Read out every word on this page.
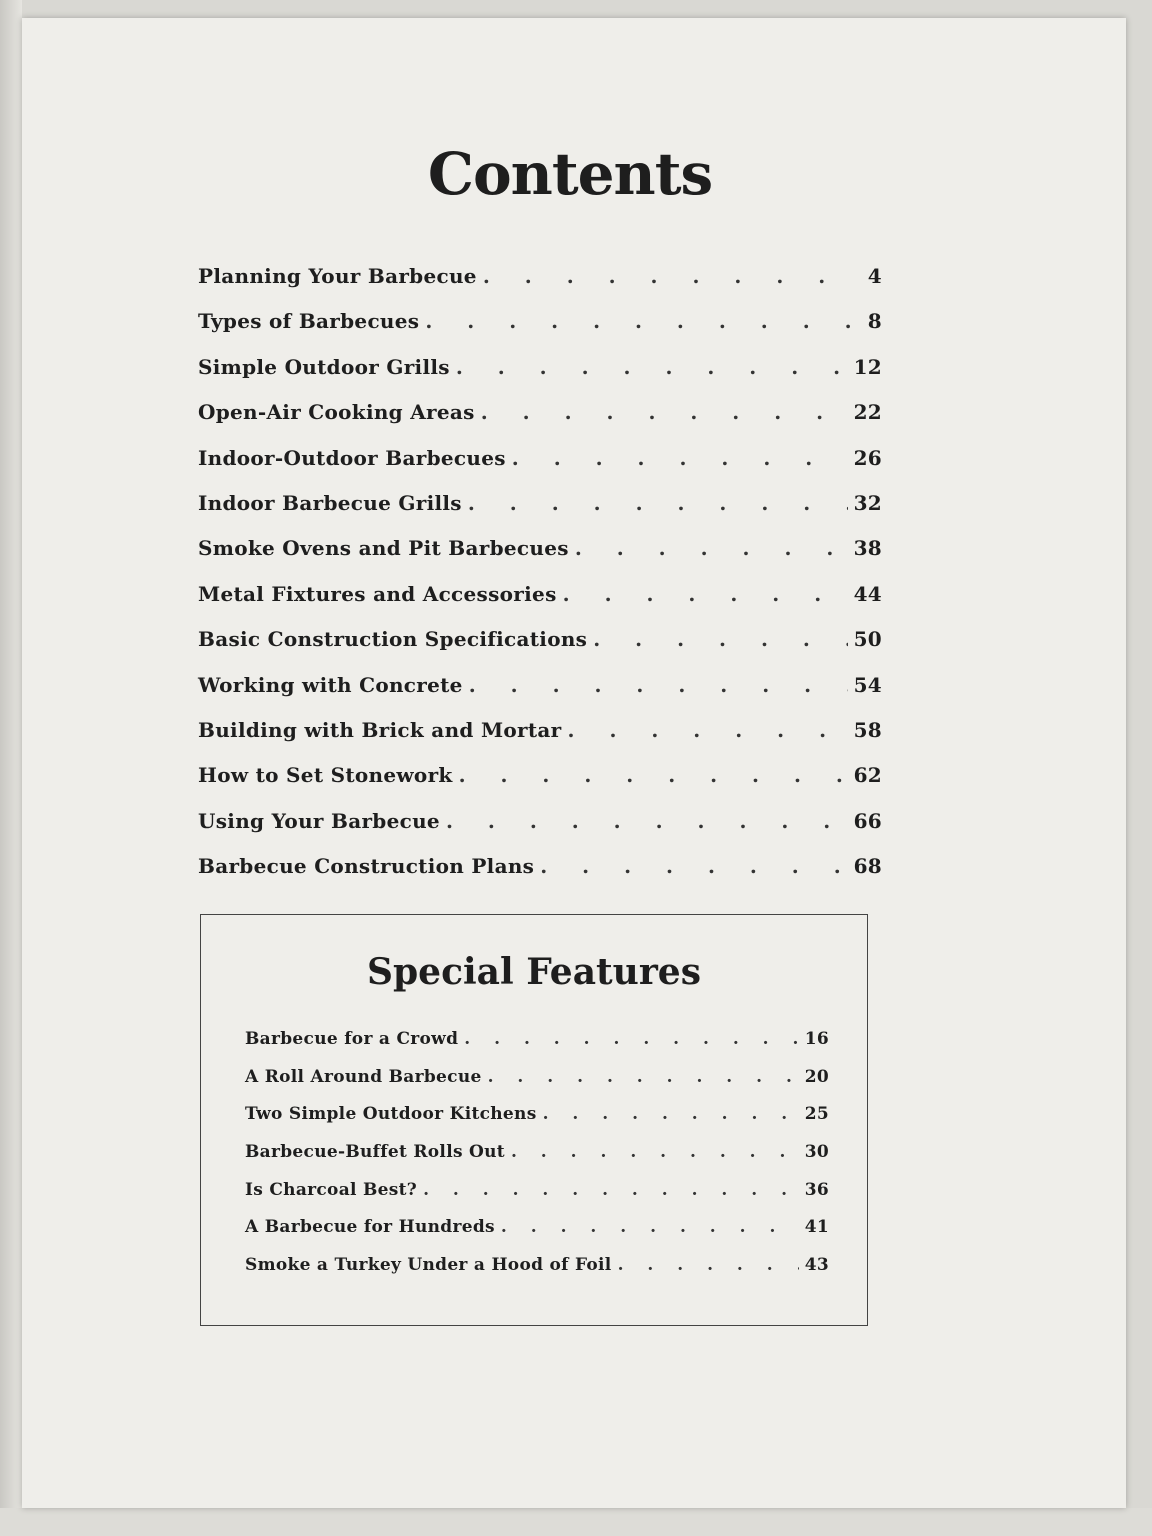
Contents
Planning Your Barbecue . . .	4
Types of Barbecues . . .	8
Simple Outdoor Grills . . .	12
Open-Air Cooking Areas . . .	22
Indoor-Outdoor Barbecues . . .	26
Indoor Barbecue Grills . . .	32
Smoke Ovens and Pit Barbecues . . .	38
Metal Fixtures and Accessories . . .	44
Basic Construction Specifications . . .	50
Working with Concrete . . .	54
Building with Brick and Mortar . . .	58
How to Set Stonework . . .	62
Using Your Barbecue . . .	66
Barbecue Construction Plans . . .	68
Special Features
Barbecue for a Crowd . . .	16
A Roll Around Barbecue . . .	20
Two Simple Outdoor Kitchens . . .	25
Barbecue-Buffet Rolls Out . . .	30
Is Charcoal Best? . . .	36
A Barbecue for Hundreds . . .	41
Smoke a Turkey Under a Hood of Foil . . .	43
